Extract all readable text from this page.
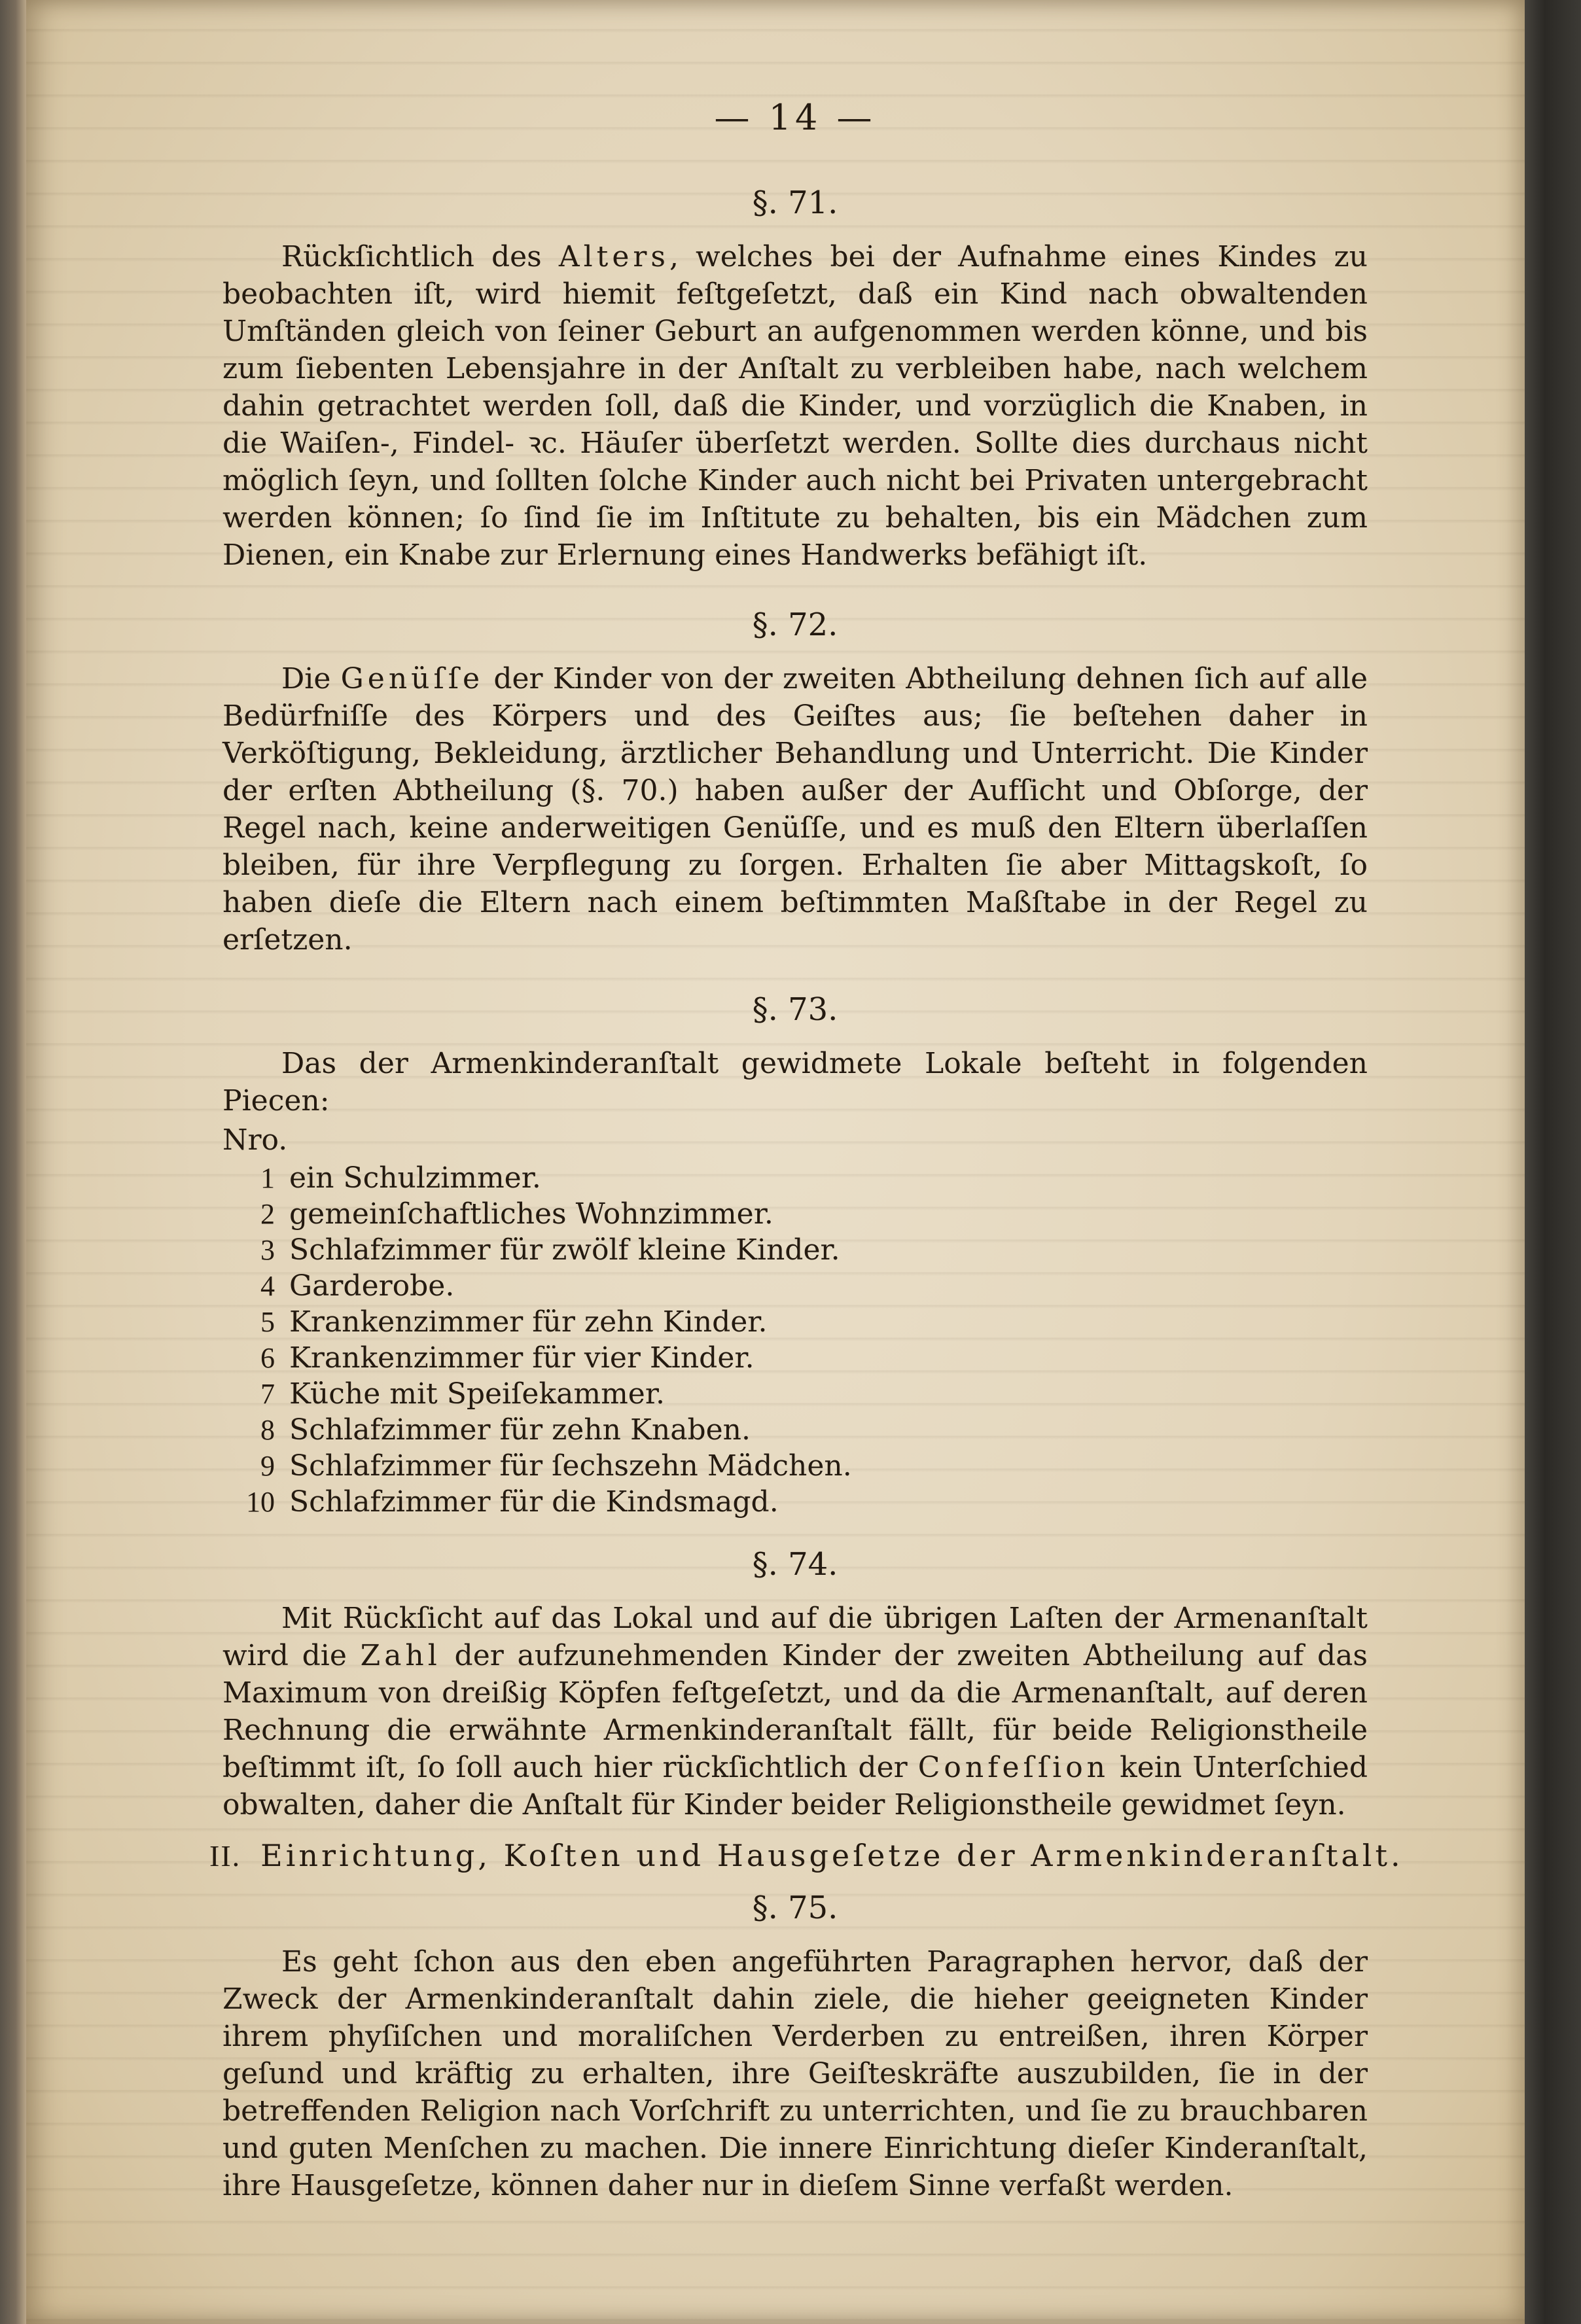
— 14 —
§. 71.

Rückſichtlich des Alters, welches bei der Aufnahme eines Kindes zu beobachten iſt, wird hiemit feſtgeſetzt, daß ein Kind nach obwaltenden Umſtänden gleich von ſeiner Geburt an aufgenommen werden könne, und bis zum ſiebenten Lebensjahre in der Anſtalt zu verbleiben habe, nach welchem dahin getrachtet werden ſoll, daß die Kinder, und vorzüglich die Knaben, in die Waiſen-, Findel- ꝛc. Häuſer überſetzt werden. Sollte dies durchaus nicht möglich ſeyn, und ſollten ſolche Kinder auch nicht bei Privaten untergebracht werden können; ſo ſind ſie im Inſtitute zu behalten, bis ein Mädchen zum Dienen, ein Knabe zur Erlernung eines Handwerks befähigt iſt.

§. 72.

Die Genüſſe der Kinder von der zweiten Abtheilung dehnen ſich auf alle Bedürfniſſe des Körpers und des Geiſtes aus; ſie beſtehen daher in Verköſtigung, Bekleidung, ärztlicher Behandlung und Unterricht. Die Kinder der erſten Abtheilung (§. 70.) haben außer der Aufſicht und Obſorge, der Regel nach, keine anderweitigen Genüſſe, und es muß den Eltern überlaſſen bleiben, für ihre Verpflegung zu ſorgen. Erhalten ſie aber Mittagskoſt, ſo haben dieſe die Eltern nach einem beſtimmten Maßſtabe in der Regel zu erſetzen.

§. 73.

Das der Armenkinderanſtalt gewidmete Lokale beſteht in folgenden Piecen:

Nro.
1 ein Schulzimmer.
2 gemeinſchaftliches Wohnzimmer.
3 Schlafzimmer für zwölf kleine Kinder.
4 Garderobe.
5 Krankenzimmer für zehn Kinder.
6 Krankenzimmer für vier Kinder.
7 Küche mit Speiſekammer.
8 Schlafzimmer für zehn Knaben.
9 Schlafzimmer für ſechszehn Mädchen.
10 Schlafzimmer für die Kindsmagd.
§. 74.

Mit Rückſicht auf das Lokal und auf die übrigen Laſten der Armenanſtalt wird die Zahl der aufzunehmenden Kinder der zweiten Abtheilung auf das Maximum von dreißig Köpfen feſtgeſetzt, und da die Armenanſtalt, auf deren Rechnung die erwähnte Armenkinderanſtalt fällt, für beide Religionstheile beſtimmt iſt, ſo ſoll auch hier rückſichtlich der Confeſſion kein Unterſchied obwalten, daher die Anſtalt für Kinder beider Religionstheile gewidmet ſeyn.

II. Einrichtung, Koſten und Hausgeſetze der Armenkinderanſtalt.
§. 75.

Es geht ſchon aus den eben angeführten Paragraphen hervor, daß der Zweck der Armenkinderanſtalt dahin ziele, die hieher geeigneten Kinder ihrem phyſiſchen und moraliſchen Verderben zu entreißen, ihren Körper geſund und kräftig zu erhalten, ihre Geiſteskräfte auszubilden, ſie in der betreffenden Religion nach Vorſchrift zu unterrichten, und ſie zu brauchbaren und guten Menſchen zu machen. Die innere Einrichtung dieſer Kinderanſtalt, ihre Hausgeſetze, können daher nur in dieſem Sinne verfaßt werden.
